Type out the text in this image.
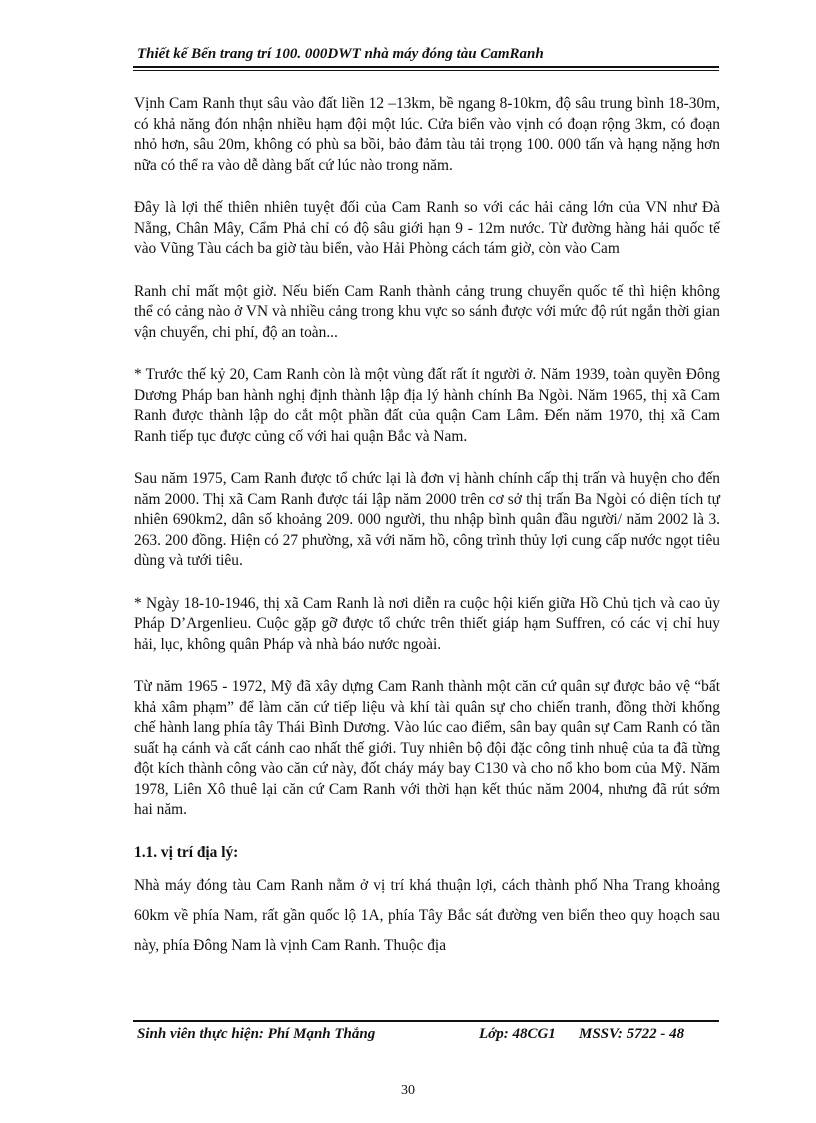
Thiết kế Bến trang trí 100. 000DWT nhà máy đóng tàu CamRanh

Vịnh Cam Ranh thụt sâu vào đất liền 12 –13km, bề ngang 8-10km, độ sâu trung bình 18-30m, có khả năng đón nhận nhiều hạm đội một lúc. Cửa biển vào vịnh có đoạn rộng 3km, có đoạn nhỏ hơn, sâu 20m, không có phù sa bồi, bảo đảm tàu tải trọng 100. 000 tấn và hạng nặng hơn nữa có thể ra vào dễ dàng bất cứ lúc nào trong năm.

Đây là lợi thế thiên nhiên tuyệt đối của Cam Ranh so với các hải cảng lớn của VN như Đà Nẵng, Chân Mây, Cẩm Phả chỉ có độ sâu giới hạn 9 - 12m nước. Từ đường hàng hải quốc tế vào Vũng Tàu cách ba giờ tàu biển, vào Hải Phòng cách tám giờ, còn vào Cam

Ranh chỉ mất một giờ. Nếu biến Cam Ranh thành cảng trung chuyển quốc tế thì hiện không thể có cảng nào ở VN và nhiều cảng trong khu vực so sánh được với mức độ rút ngắn thời gian vận chuyển, chi phí, độ an toàn...

* Trước thế kỷ 20, Cam Ranh còn là một vùng đất rất ít người ở. Năm 1939, toàn quyền Đông Dương Pháp ban hành nghị định thành lập địa lý hành chính Ba Ngòi. Năm 1965, thị xã Cam Ranh được thành lập do cắt một phần đất của quận Cam Lâm. Đến năm 1970, thị xã Cam Ranh tiếp tục được củng cố với hai quận Bắc và Nam.

Sau năm 1975, Cam Ranh được tổ chức lại là đơn vị hành chính cấp thị trấn và huyện cho đến năm 2000. Thị xã Cam Ranh được tái lập năm 2000 trên cơ sở thị trấn Ba Ngòi có diện tích tự nhiên 690km2, dân số khoảng 209. 000 người, thu nhập bình quân đầu người/ năm 2002 là 3. 263. 200 đồng. Hiện có 27 phường, xã với năm hồ, công trình thủy lợi cung cấp nước ngọt tiêu dùng và tưới tiêu.

* Ngày 18-10-1946, thị xã Cam Ranh là nơi diễn ra cuộc hội kiến giữa Hồ Chủ tịch và cao ủy Pháp D’Argenlieu. Cuộc gặp gỡ được tổ chức trên thiết giáp hạm Suffren, có các vị chỉ huy hải, lục, không quân Pháp và nhà báo nước ngoài.

Từ năm 1965 - 1972, Mỹ đã xây dựng Cam Ranh thành một căn cứ quân sự được bảo vệ “bất khả xâm phạm” để làm căn cứ tiếp liệu và khí tài quân sự cho chiến tranh, đồng thời khống chế hành lang phía tây Thái Bình Dương. Vào lúc cao điểm, sân bay quân sự Cam Ranh có tần suất hạ cánh và cất cánh cao nhất thế giới. Tuy nhiên bộ đội đặc công tinh nhuệ của ta đã từng đột kích thành công vào căn cứ này, đốt cháy máy bay C130 và cho nổ kho bom của Mỹ. Năm 1978, Liên Xô thuê lại căn cứ Cam Ranh với thời hạn kết thúc năm 2004, nhưng đã rút sớm hai năm.

1.1. vị trí địa lý:

Nhà máy đóng tàu Cam Ranh nằm ở vị trí khá thuận lợi, cách thành phố Nha Trang khoảng 60km về phía Nam, rất gần quốc lộ 1A, phía Tây Bắc sát đường ven biển theo quy hoạch sau này, phía Đông Nam là vịnh Cam Ranh. Thuộc địa

Sinh viên thực hiện: Phí Mạnh Thắng	Lớp: 48CG1 MSSV: 5722 - 48
30
